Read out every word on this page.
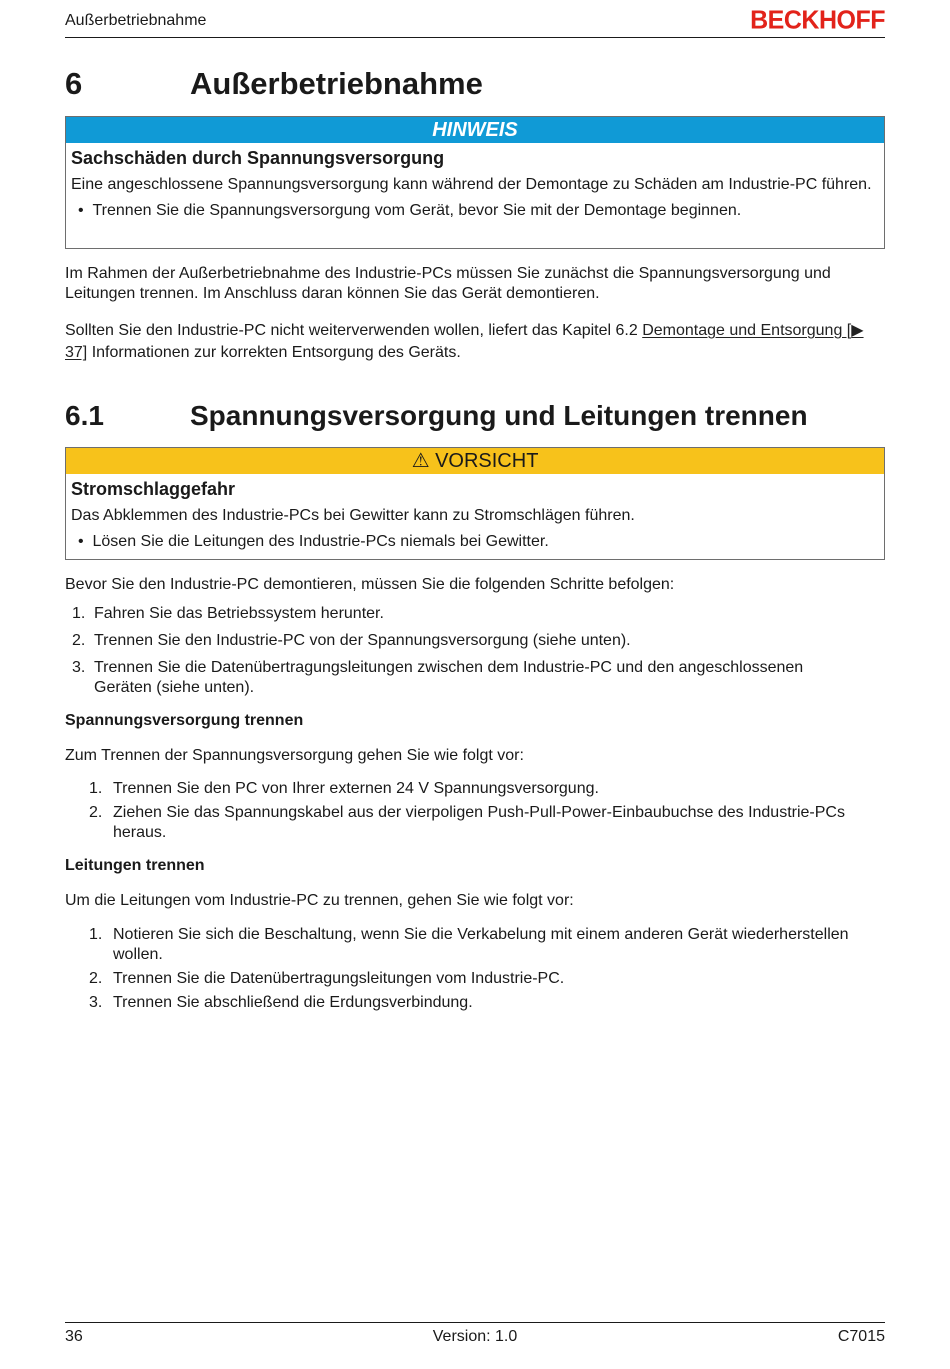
Außerbetriebnahme	BECKHOFF
6	Außerbetriebnahme
HINWEIS
Sachschäden durch Spannungsversorgung
Eine angeschlossene Spannungsversorgung kann während der Demontage zu Schäden am Industrie-PC führen.
•  Trennen Sie die Spannungsversorgung vom Gerät, bevor Sie mit der Demontage beginnen.
Im Rahmen der Außerbetriebnahme des Industrie-PCs müssen Sie zunächst die Spannungsversorgung und Leitungen trennen. Im Anschluss daran können Sie das Gerät demontieren.
Sollten Sie den Industrie-PC nicht weiterverwenden wollen, liefert das Kapitel 6.2 Demontage und Entsorgung [▶ 37] Informationen zur korrekten Entsorgung des Geräts.
6.1	Spannungsversorgung und Leitungen trennen
⚠ VORSICHT
Stromschlaggefahr
Das Abklemmen des Industrie-PCs bei Gewitter kann zu Stromschlägen führen.
•  Lösen Sie die Leitungen des Industrie-PCs niemals bei Gewitter.
Bevor Sie den Industrie-PC demontieren, müssen Sie die folgenden Schritte befolgen:
1. Fahren Sie das Betriebssystem herunter.
2. Trennen Sie den Industrie-PC von der Spannungsversorgung (siehe unten).
3. Trennen Sie die Datenübertragungsleitungen zwischen dem Industrie-PC und den angeschlossenen Geräten (siehe unten).
Spannungsversorgung trennen
Zum Trennen der Spannungsversorgung gehen Sie wie folgt vor:
1. Trennen Sie den PC von Ihrer externen 24 V Spannungsversorgung.
2. Ziehen Sie das Spannungskabel aus der vierpoligen Push-Pull-Power-Einbaubuchse des Industrie-PCs heraus.
Leitungen trennen
Um die Leitungen vom Industrie-PC zu trennen, gehen Sie wie folgt vor:
1. Notieren Sie sich die Beschaltung, wenn Sie die Verkabelung mit einem anderen Gerät wiederherstellen wollen.
2. Trennen Sie die Datenübertragungsleitungen vom Industrie-PC.
3. Trennen Sie abschließend die Erdungsverbindung.
36	Version: 1.0	C7015
